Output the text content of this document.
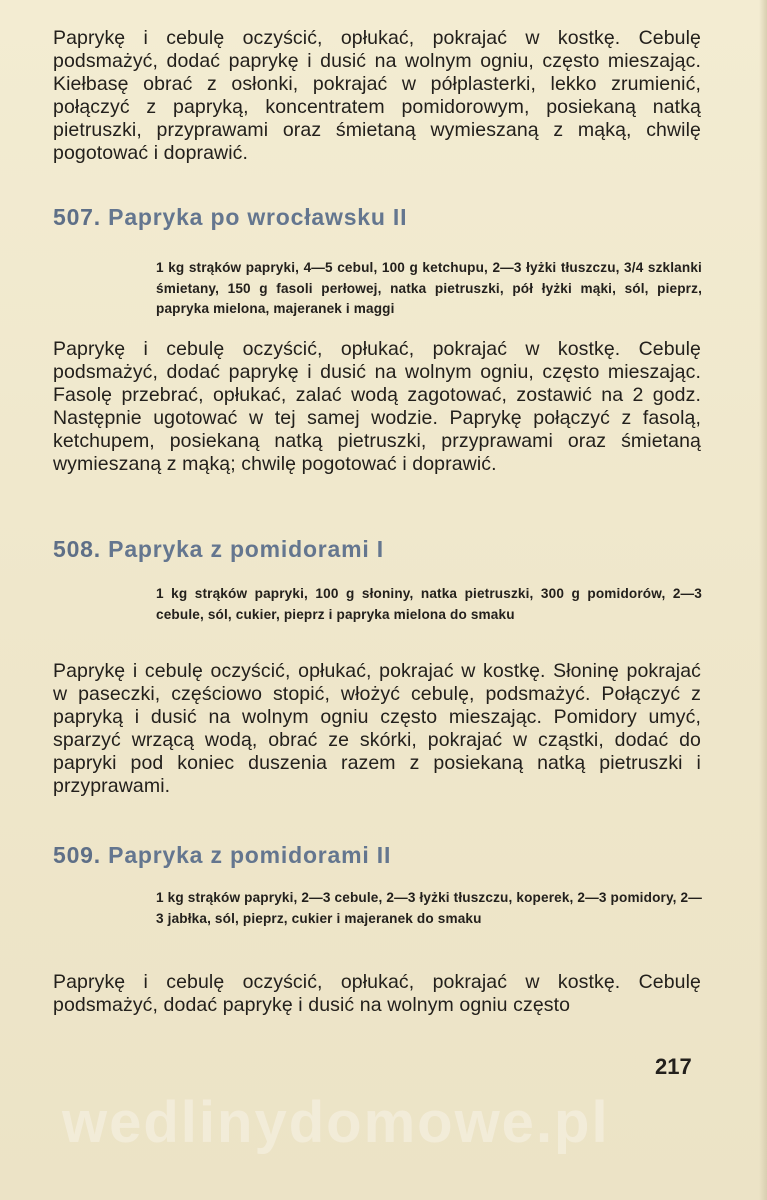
Paprykę i cebulę oczyścić, opłukać, pokrajać w kostkę. Cebulę podsmażyć, dodać paprykę i dusić na wolnym ogniu, często mieszając. Kiełbasę obrać z osłonki, pokrajać w półplasterki, lekko zrumienić, połączyć z papryką, koncentratem pomidorowym, posiekaną natką pietruszki, przyprawami oraz śmietaną wymieszaną z mąką, chwilę pogotować i doprawić.

507. Papryka po wrocławsku II

1 kg strąków papryki, 4—5 cebul, 100 g ketchupu, 2—3 łyżki tłuszczu, 3/4 szklanki śmietany, 150 g fasoli perłowej, natka pietruszki, pół łyżki mąki, sól, pieprz, papryka mielona, majeranek i maggi

Paprykę i cebulę oczyścić, opłukać, pokrajać w kostkę. Cebulę podsmażyć, dodać paprykę i dusić na wolnym ogniu, często mieszając. Fasolę przebrać, opłukać, zalać wodą zagotować, zostawić na 2 godz. Następnie ugotować w tej samej wodzie. Paprykę połączyć z fasolą, ketchupem, posiekaną natką pietruszki, przyprawami oraz śmietaną wymieszaną z mąką; chwilę pogotować i doprawić.

508. Papryka z pomidorami I

1 kg strąków papryki, 100 g słoniny, natka pietruszki, 300 g pomidorów, 2—3 cebule, sól, cukier, pieprz i papryka mielona do smaku

Paprykę i cebulę oczyścić, opłukać, pokrajać w kostkę. Słoninę pokrajać w paseczki, częściowo stopić, włożyć cebulę, podsmażyć. Połączyć z papryką i dusić na wolnym ogniu często mieszając. Pomidory umyć, sparzyć wrzącą wodą, obrać ze skórki, pokrajać w cząstki, dodać do papryki pod koniec duszenia razem z posiekaną natką pietruszki i przyprawami.

509. Papryka z pomidorami II

1 kg strąków papryki, 2—3 cebule, 2—3 łyżki tłuszczu, koperek, 2—3 pomidory, 2—3 jabłka, sól, pieprz, cukier i majeranek do smaku

Paprykę i cebulę oczyścić, opłukać, pokrajać w kostkę. Cebulę podsmażyć, dodać paprykę i dusić na wolnym ogniu często

217
wedlinydomowe.pl
